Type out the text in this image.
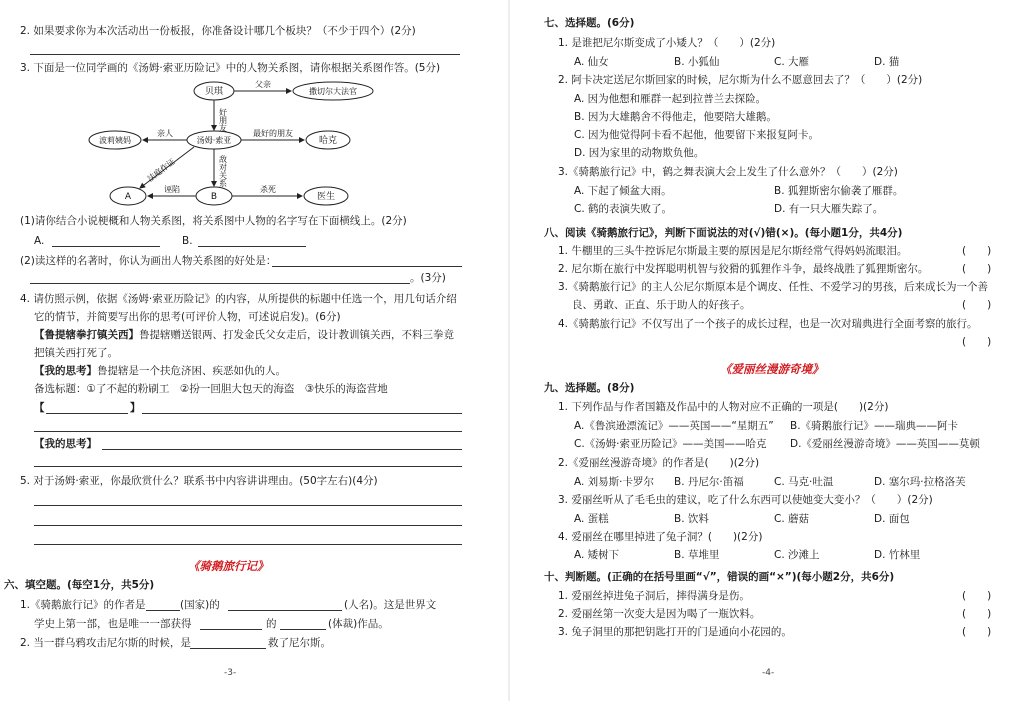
2. 如果要求你为本次活动出一份板报，你准备设计哪几个板块？（不少于四个）(2分)
3. 下面是一位同学画的《汤姆·索亚历险记》中的人物关系图，请你根据关系图作答。(5分)
贝琪	撒切尔大法官
父亲
汤姆·索亚
波莉姨妈
亲人	最好的朋友
哈克
A	B
诬陷	杀死
医生
法庭作证
好朋友
敌对关系
(1)请你结合小说梗概和人物关系图，将关系图中人物的名字写在下面横线上。(2分)
A.	B.
(2)读这样的名著时，你认为画出人物关系图的好处是：
。(3分)
4. 请仿照示例，依据《汤姆·索亚历险记》的内容，从所提供的标题中任选一个，用几句话介绍
它的情节，并简要写出你的思考(可评价人物，可述说启发)。(6分)
【鲁提辖拳打镇关西】鲁提辖赠送银两、打发金氏父女走后，设计教训镇关西，不料三拳竟
把镇关西打死了。
【我的思考】鲁提辖是一个扶危济困、疾恶如仇的人。
备选标题：①了不起的粉刷工　②扮一回胆大包天的海盗　③快乐的海盗营地
【	】
【我的思考】
5. 对于汤姆·索亚，你最欣赏什么？联系书中内容讲讲理由。(50字左右)(4分)
《骑鹅旅行记》
六、填空题。(每空1分，共5分)
1.《骑鹅旅行记》的作者是	(国家)的	(人名)。这是世界文
学史上第一部，也是唯一一部获得	的	(体裁)作品。
2. 当一群乌鸦攻击尼尔斯的时候，是	救了尼尔斯。
-3-
七、选择题。(6分)
1. 是谁把尼尔斯变成了小矮人？（　　）(2分)
A. 仙女	B. 小狐仙	C. 大雁	D. 猫
2. 阿卡决定送尼尔斯回家的时候，尼尔斯为什么不愿意回去了？（　　）(2分)
A. 因为他想和雁群一起到拉普兰去探险。
B. 因为大雄鹅舍不得他走，他要陪大雄鹅。
C. 因为他觉得阿卡看不起他，他要留下来报复阿卡。
D. 因为家里的动物欺负他。
3.《骑鹅旅行记》中，鹤之舞表演大会上发生了什么意外？（　　）(2分)
A. 下起了倾盆大雨。	B. 狐狸斯密尔偷袭了雁群。
C. 鹤的表演失败了。	D. 有一只大雁失踪了。
八、阅读《骑鹅旅行记》，判断下面说法的对(√)错(×)。(每小题1分，共4分)
1. 牛棚里的三头牛控诉尼尔斯最主要的原因是尼尔斯经常气得妈妈流眼泪。	(　　)
2. 尼尔斯在旅行中发挥聪明机智与狡猾的狐狸作斗争，最终战胜了狐狸斯密尔。	(　　)
3.《骑鹅旅行记》的主人公尼尔斯原本是个调皮、任性、不爱学习的男孩，后来成长为一个善
良、勇敢、正直、乐于助人的好孩子。	(　　)
4.《骑鹅旅行记》不仅写出了一个孩子的成长过程，也是一次对瑞典进行全面考察的旅行。
(　　)
《爱丽丝漫游奇境》
九、选择题。(8分)
1. 下列作品与作者国籍及作品中的人物对应不正确的一项是(　　)(2分)
A.《鲁滨逊漂流记》——英国——“星期五” B.《骑鹅旅行记》——瑞典——阿卡
C.《汤姆·索亚历险记》——美国——哈克 D.《爱丽丝漫游奇境》——英国——莫顿
2.《爱丽丝漫游奇境》的作者是(　　)(2分)
A. 刘易斯·卡罗尔 B. 丹尼尔·笛福	C. 马克·吐温	D. 塞尔玛·拉格洛芙
3. 爱丽丝听从了毛毛虫的建议，吃了什么东西可以使她变大变小？（　　）(2分)
A. 蛋糕	B. 饮料	C. 蘑菇	D. 面包
4. 爱丽丝在哪里掉进了兔子洞？(　　)(2分)
A. 矮树下	B. 草堆里	C. 沙滩上	D. 竹林里
十、判断题。(正确的在括号里画“√”，错误的画“×”)(每小题2分，共6分)
1. 爱丽丝掉进兔子洞后，摔得满身是伤。	(　　)
2. 爱丽丝第一次变大是因为喝了一瓶饮料。	(　　)
3. 兔子洞里的那把钥匙打开的门是通向小花园的。	(　　)
-4-
